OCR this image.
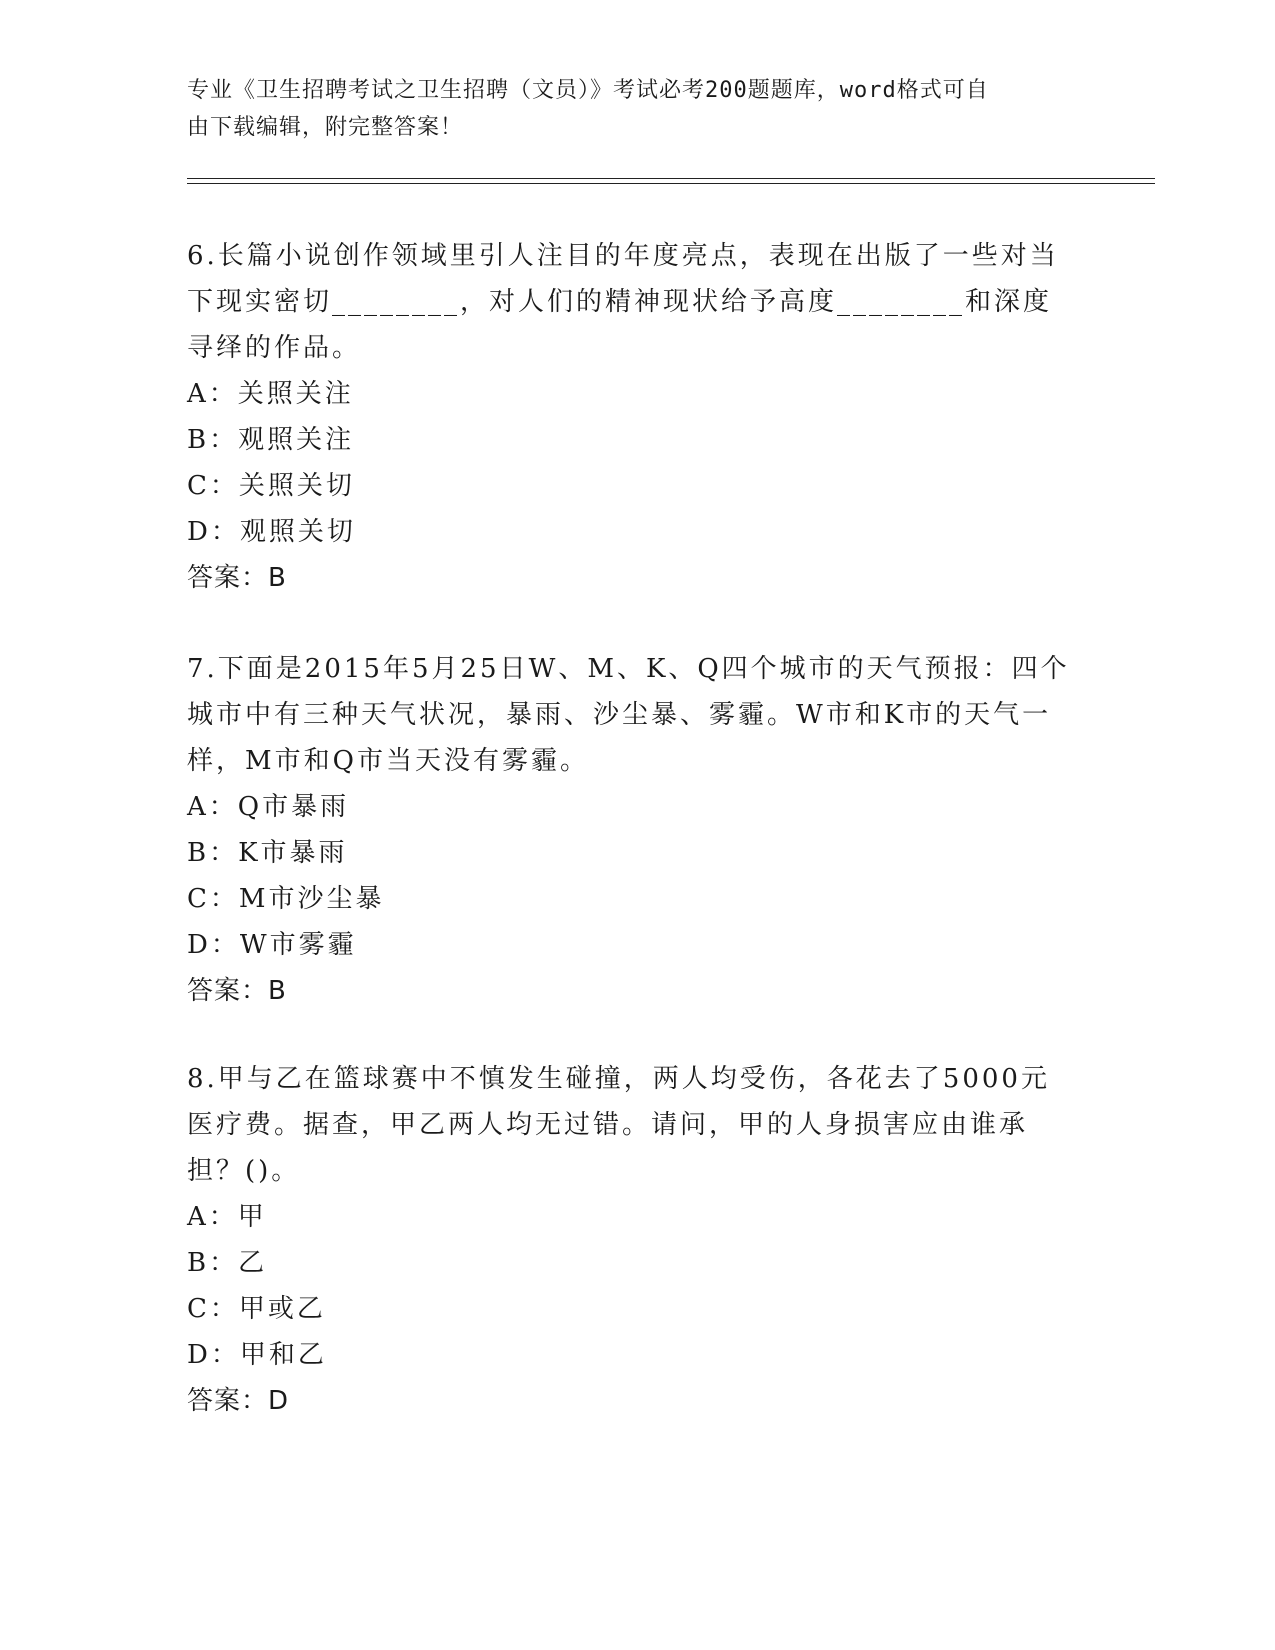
专业《卫生招聘考试之卫生招聘（文员）》考试必考200题题库，word格式可自
由下载编辑，附完整答案！

6.长篇小说创作领域里引人注目的年度亮点，表现在出版了一些对当下现实密切________，对人们的精神现状给予高度________和深度寻绎的作品。

A：关照关注

B：观照关注

C：关照关切

D：观照关切

答案：B

7.下面是2015年5月25日W、M、K、Q四个城市的天气预报：四个城市中有三种天气状况，暴雨、沙尘暴、雾霾。W市和K市的天气一样，M市和Q市当天没有雾霾。

A：Q市暴雨

B：K市暴雨

C：M市沙尘暴

D：W市雾霾

答案：B

8.甲与乙在篮球赛中不慎发生碰撞，两人均受伤，各花去了5000元医疗费。据查，甲乙两人均无过错。请问，甲的人身损害应由谁承担？()。

A：甲

B：乙

C：甲或乙

D：甲和乙

答案：D
